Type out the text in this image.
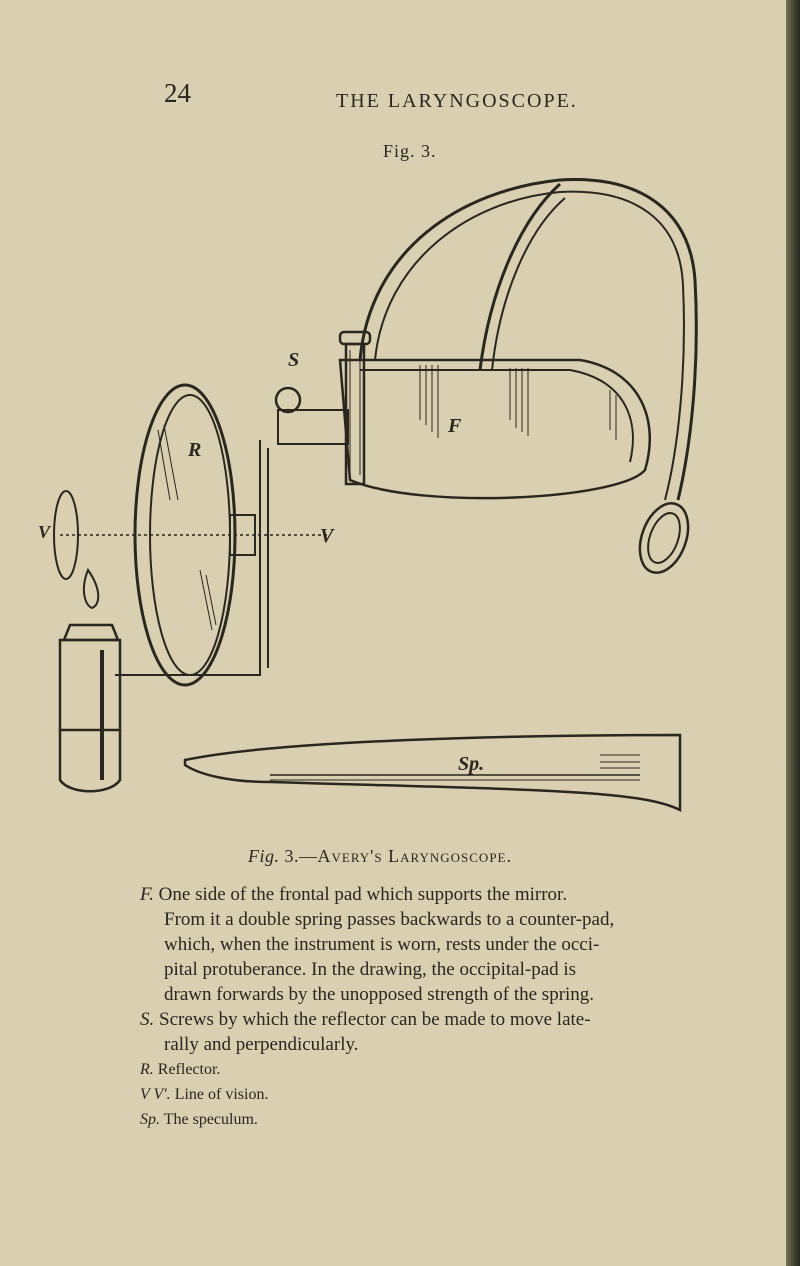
24	THE LARYNGOSCOPE.
Fig. 3.
S
R
F
V	V
Sp.
Fig. 3.—Avery's Laryngoscope.

F. One side of the frontal pad which supports the mirror.
From it a double spring passes backwards to a counter-pad,
which, when the instrument is worn, rests under the occi-
pital protuberance. In the drawing, the occipital-pad is
drawn forwards by the unopposed strength of the spring.

S. Screws by which the reflector can be made to move late-
rally and perpendicularly.

R. Reflector.

V V'. Line of vision.

Sp. The speculum.
